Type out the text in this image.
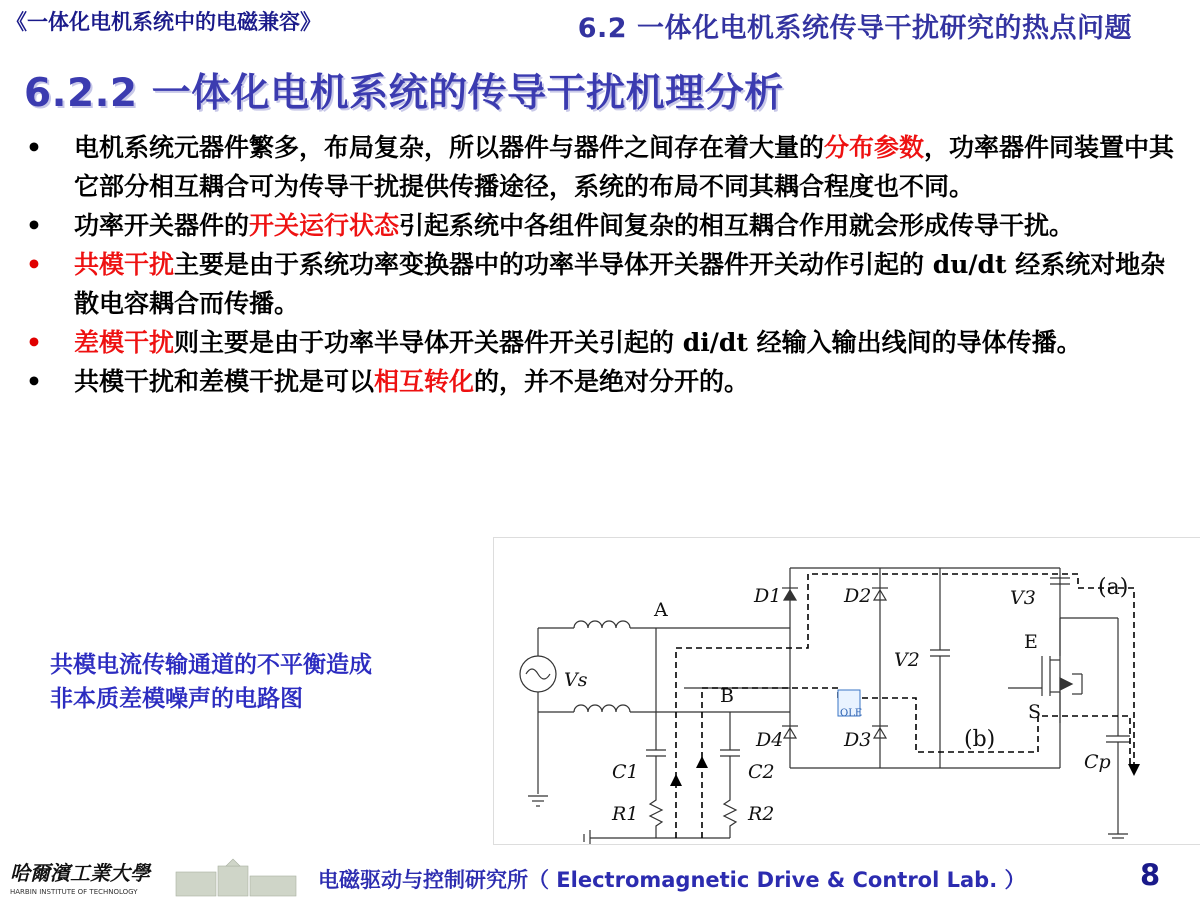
《一体化电机系统中的电磁兼容》	6.2 一体化电机系统传导干扰研究的热点问题
6.2.2 一体化电机系统的传导干扰机理分析
• 电机系统元器件繁多，布局复杂，所以器件与器件之间存在着大量的分布参数，功率器件同装置中其它部分相互耦合可为传导干扰提供传播途径，系统的布局不同其耦合程度也不同。
• 功率开关器件的开关运行状态引起系统中各组件间复杂的相互耦合作用就会形成传导干扰。
• 共模干扰主要是由于系统功率变换器中的功率半导体开关器件开关动作引起的 du/dt 经系统对地杂散电容耦合而传播。
• 差模干扰则主要是由于功率半导体开关器件开关引起的 di/dt 经输入输出线间的导体传播。
• 共模干扰和差模干扰是可以相互转化的，并不是绝对分开的。
共模电流传输通道的不平衡造成
非本质差模噪声的电路图
OLE
A
B
Vs
D1	D2
D4	D3
V2
V3
E
S
Cp
C1	C2
R1	R2
(a)
(b)
哈爾濱工業大學
HARBIN INSTITUTE OF TECHNOLOGY	电磁驱动与控制研究所（ Electromagnetic Drive & Control Lab. ）	8
